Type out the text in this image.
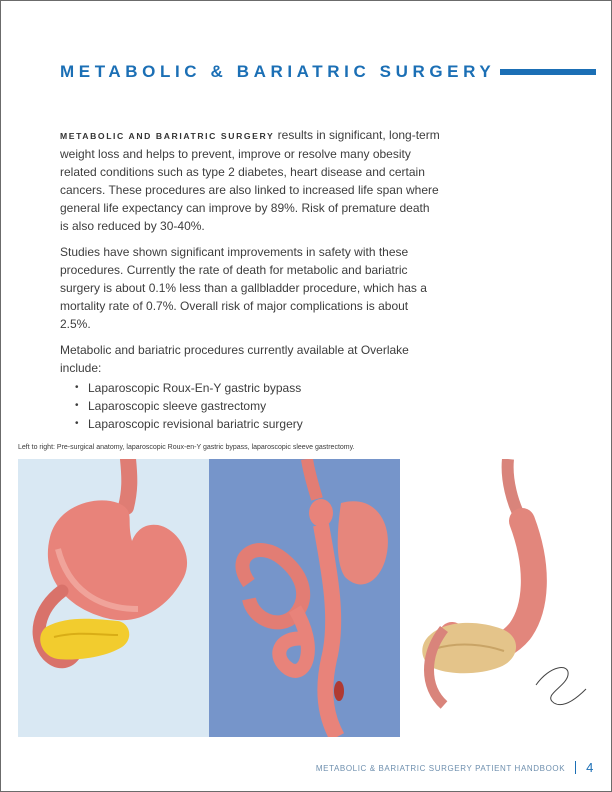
METABOLIC & BARIATRIC SURGERY

METABOLIC AND BARIATRIC SURGERY results in significant, long-term weight loss and helps to prevent, improve or resolve many obesity related conditions such as type 2 diabetes, heart disease and certain cancers. These procedures are also linked to increased life span where general life expectancy can improve by 89%. Risk of premature death is also reduced by 30-40%.

Studies have shown significant improvements in safety with these procedures. Currently the rate of death for metabolic and bariatric surgery is about 0.1% less than a gallbladder procedure, which has a mortality rate of 0.7%. Overall risk of major complications is about 2.5%.

Metabolic and bariatric procedures currently available at Overlake include:

• Laparoscopic Roux-En-Y gastric bypass
• Laparoscopic sleeve gastrectomy
• Laparoscopic revisional bariatric surgery
Left to right: Pre-surgical anatomy, laparoscopic Roux-en-Y gastric bypass, laparoscopic sleeve gastrectomy.
METABOLIC & BARIATRIC SURGERY PATIENT HANDBOOK 4
